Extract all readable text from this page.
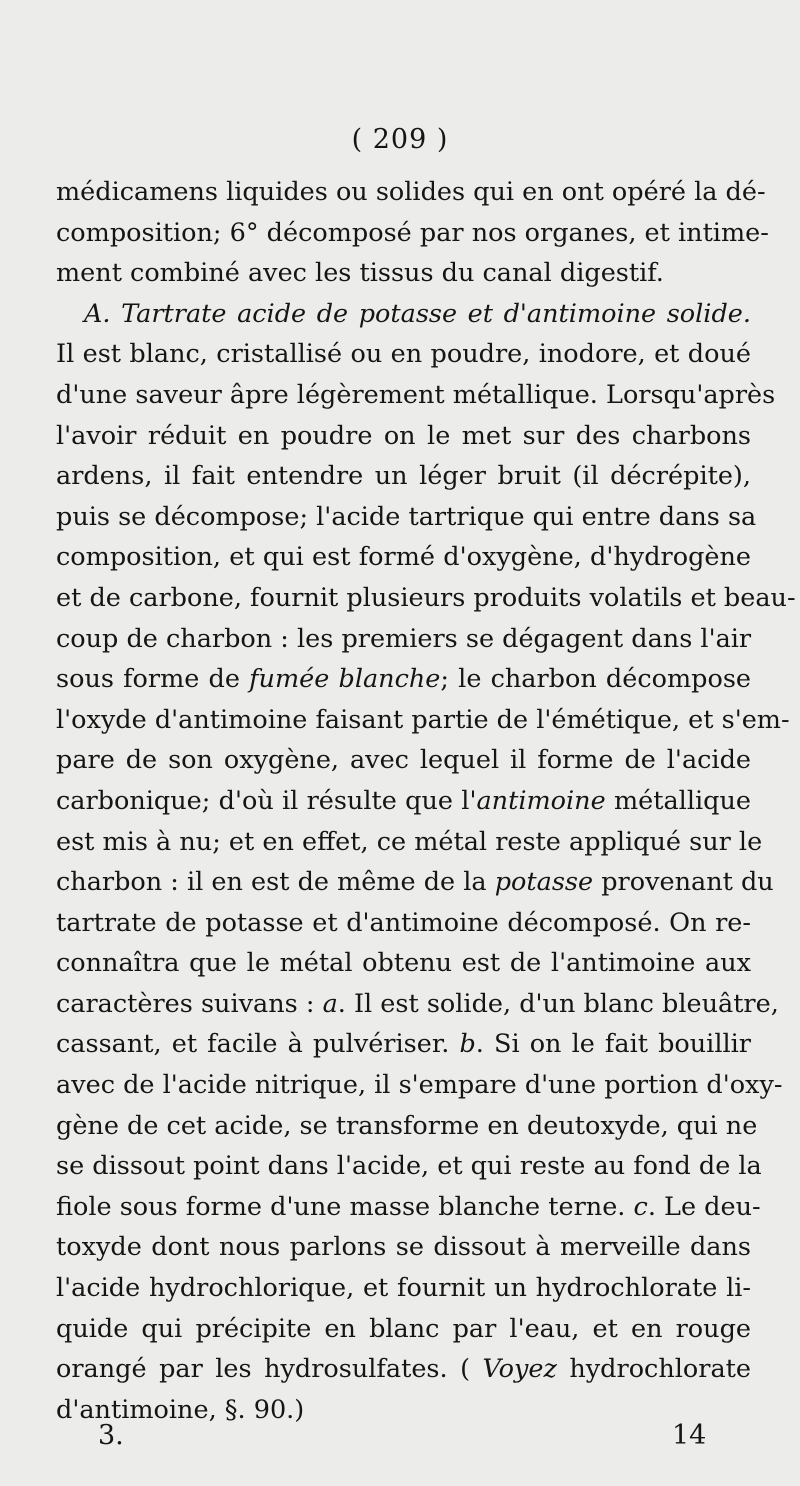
( 209 )
médicamens liquides ou solides qui en ont opéré la dé-
composition; 6° décomposé par nos organes, et intime-
ment combiné avec les tissus du canal digestif.
A. Tartrate acide de potasse et d'antimoine solide.
Il est blanc, cristallisé ou en poudre, inodore, et doué
d'une saveur âpre légèrement métallique. Lorsqu'après
l'avoir réduit en poudre on le met sur des charbons
ardens, il fait entendre un léger bruit (il décrépite),
puis se décompose; l'acide tartrique qui entre dans sa
composition, et qui est formé d'oxygène, d'hydrogène
et de carbone, fournit plusieurs produits volatils et beau-
coup de charbon : les premiers se dégagent dans l'air
sous forme de fumée blanche; le charbon décompose
l'oxyde d'antimoine faisant partie de l'émétique, et s'em-
pare de son oxygène, avec lequel il forme de l'acide
carbonique; d'où il résulte que l'antimoine métallique
est mis à nu; et en effet, ce métal reste appliqué sur le
charbon : il en est de même de la potasse provenant du
tartrate de potasse et d'antimoine décomposé. On re-
connaîtra que le métal obtenu est de l'antimoine aux
caractères suivans : a. Il est solide, d'un blanc bleuâtre,
cassant, et facile à pulvériser. b. Si on le fait bouillir
avec de l'acide nitrique, il s'empare d'une portion d'oxy-
gène de cet acide, se transforme en deutoxyde, qui ne
se dissout point dans l'acide, et qui reste au fond de la
fiole sous forme d'une masse blanche terne. c. Le deu-
toxyde dont nous parlons se dissout à merveille dans
l'acide hydrochlorique, et fournit un hydrochlorate li-
quide qui précipite en blanc par l'eau, et en rouge
orangé par les hydrosulfates. ( Voyez hydrochlorate
d'antimoine, §. 90.)
3.	14
